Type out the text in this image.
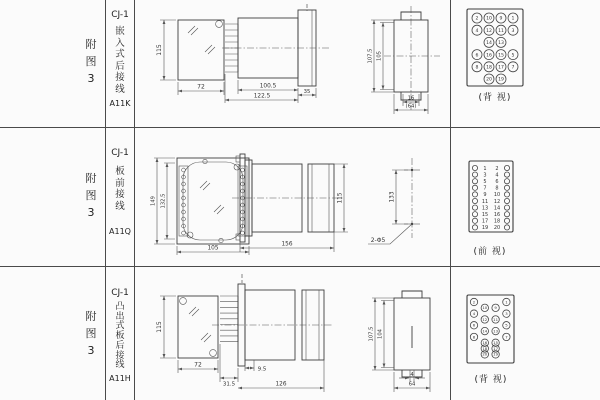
附
图
3
CJ-1
嵌
入
式
后
接
线
A11K
115
72	100.5
122.5
35
107.5 105
16
(64)
2 10 9 1
4 12 11 3
14 13
6 16 15 5
8 18 17 7
20 19
(背 视)
附
图
3
CJ-1
板
前
接
线
A11Q
149 132.5
105
156
115	133
2-Φ5
1 2
3 4
5 6
7 8
9 10
11 12
13 14
15 16
17 18
19 20
(前 视)
附
图
3
CJ-1
凸
出
式
板
后
接
线
A11H
115
72
9.5
31.5	126
107.5 104
4
64
2	1
10 9
4	3
12 11
6	5
14 13
8	7
16 15
18 17
20 19
(背 视)
